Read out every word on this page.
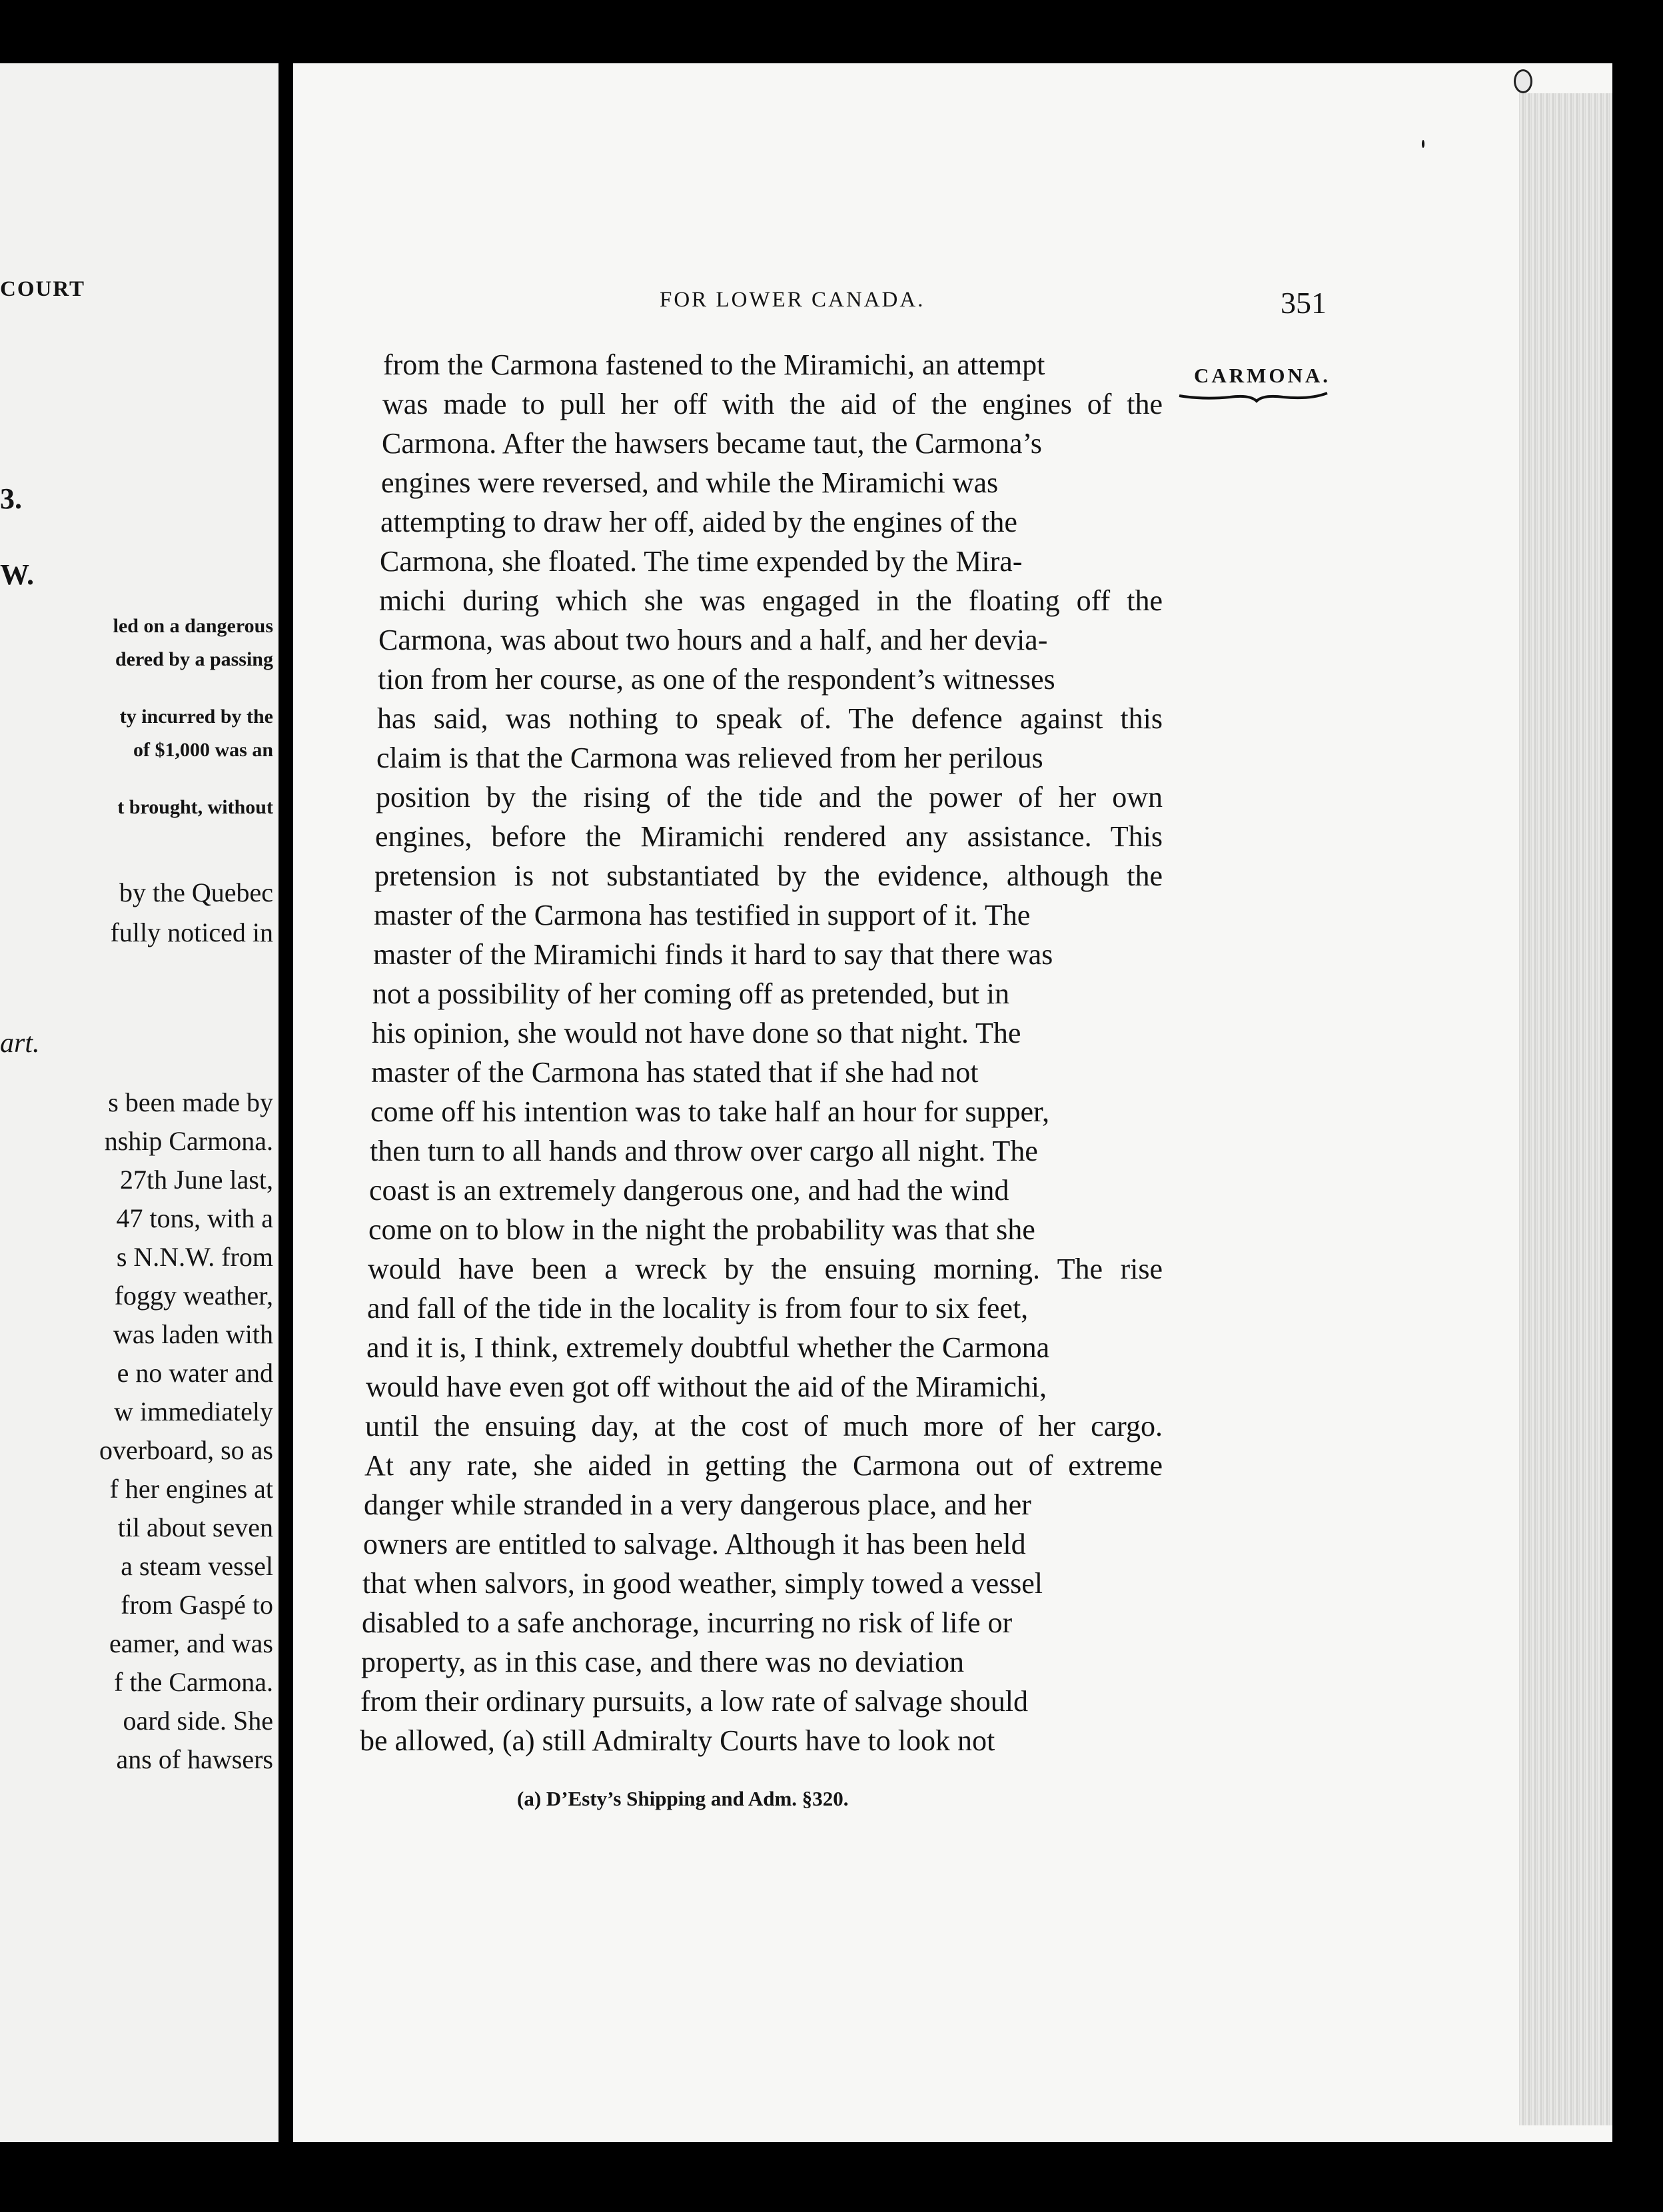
COURT
3.
W.
led on a dangerous
dered by a passing
ty incurred by the
of $1,000 was an
t brought, without
by the Quebec
fully noticed in
art.
s been made by
nship Carmona.
27th June last,
47 tons, with a
s N.N.W. from
foggy weather,
was laden with
e no water and
w immediately
overboard, so as
f her engines at
til about seven
a steam vessel
from Gaspé to
eamer, and was
f the Carmona.
oard side. She
ans of hawsers
FOR LOWER CANADA.	351
CARMONA.
from the Carmona fastened to the Miramichi, an attempt
was made to pull her off with the aid of the engines of the
Carmona. After the hawsers became taut, the Carmona’s
engines were reversed, and while the Miramichi was
attempting to draw her off, aided by the engines of the
Carmona, she floated. The time expended by the Mira-
michi during which she was engaged in the floating off the
Carmona, was about two hours and a half, and her devia-
tion from her course, as one of the respondent’s witnesses
has said, was nothing to speak of. The defence against this
claim is that the Carmona was relieved from her perilous
position by the rising of the tide and the power of her own
engines, before the Miramichi rendered any assistance. This
pretension is not substantiated by the evidence, although the
master of the Carmona has testified in support of it. The
master of the Miramichi finds it hard to say that there was
not a possibility of her coming off as pretended, but in
his opinion, she would not have done so that night. The
master of the Carmona has stated that if she had not
come off his intention was to take half an hour for supper,
then turn to all hands and throw over cargo all night. The
coast is an extremely dangerous one, and had the wind
come on to blow in the night the probability was that she
would have been a wreck by the ensuing morning. The rise
and fall of the tide in the locality is from four to six feet,
and it is, I think, extremely doubtful whether the Carmona
would have even got off without the aid of the Miramichi,
until the ensuing day, at the cost of much more of her cargo.
At any rate, she aided in getting the Carmona out of extreme
danger while stranded in a very dangerous place, and her
owners are entitled to salvage. Although it has been held
that when salvors, in good weather, simply towed a vessel
disabled to a safe anchorage, incurring no risk of life or
property, as in this case, and there was no deviation
from their ordinary pursuits, a low rate of salvage should
be allowed, (a) still Admiralty Courts have to look not
(a) D’Esty’s Shipping and Adm. §320.
